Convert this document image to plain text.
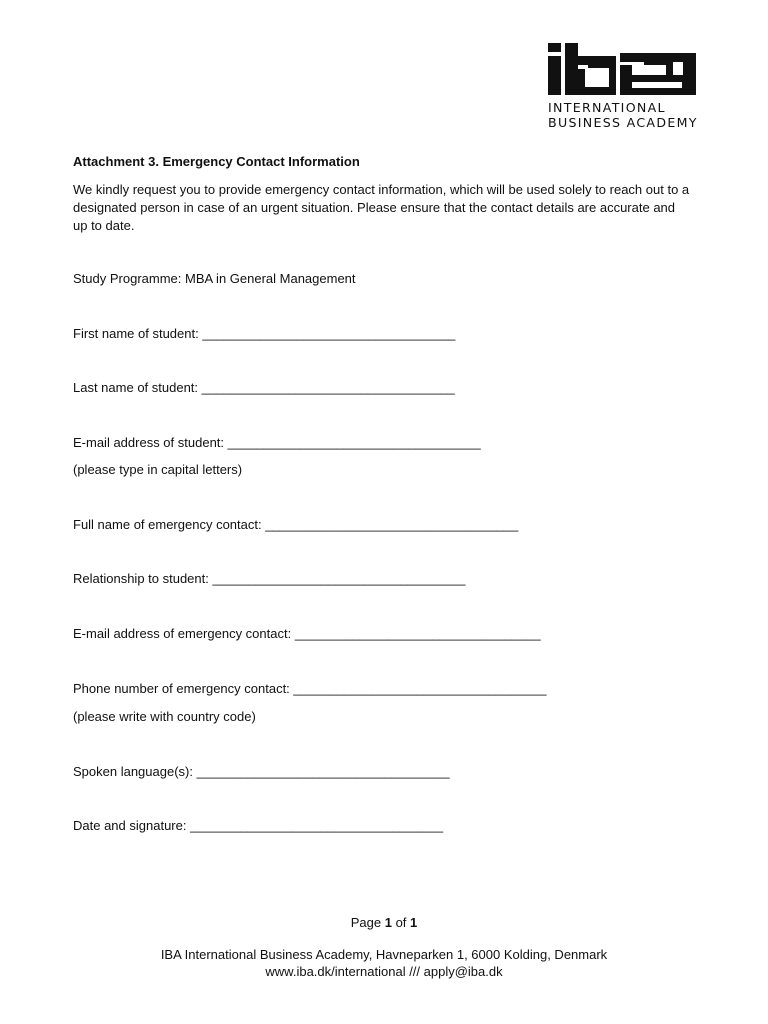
INTERNATIONAL
BUSINESS ACADEMY
Attachment 3. Emergency Contact Information

We kindly request you to provide emergency contact information, which will be used solely to reach out to a designated person in case of an urgent situation. Please ensure that the contact details are accurate and up to date.

Study Programme: MBA in General Management

First name of student: ___________________________________

Last name of student: ___________________________________

E-mail address of student: ___________________________________

(please type in capital letters)

Full name of emergency contact: ___________________________________

Relationship to student: ___________________________________

E-mail address of emergency contact: __________________________________

Phone number of emergency contact: ___________________________________

(please write with country code)

Spoken language(s): ___________________________________

Date and signature: ___________________________________

Page 1 of 1
IBA International Business Academy, Havneparken 1, 6000 Kolding, Denmark
www.iba.dk/international /// apply@iba.dk
